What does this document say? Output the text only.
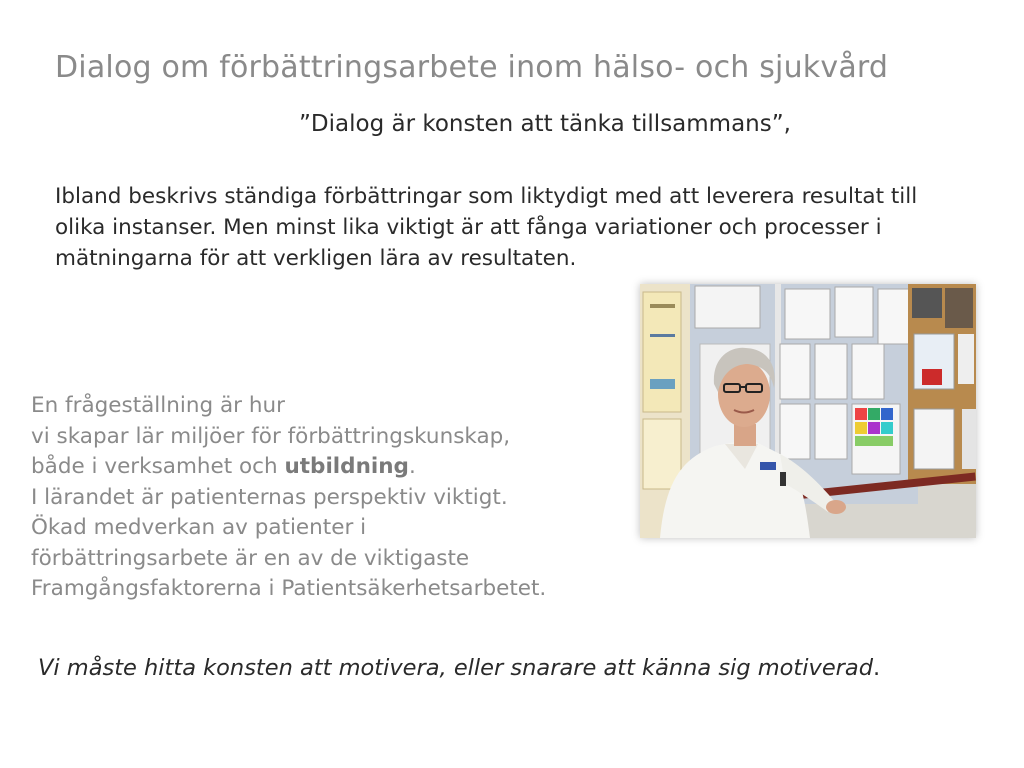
Dialog om förbättringsarbete inom hälso- och sjukvård
”Dialog är konsten att tänka tillsammans”,
Ibland beskrivs ständiga förbättringar som liktydigt med att leverera resultat till olika instanser. Men minst lika viktigt är att fånga variationer och processer i mätningarna för att verkligen lära av resultaten.
En frågeställning är hur
vi skapar lär miljöer för förbättringskunskap,
både i verksamhet och utbildning.
I lärandet är patienternas perspektiv viktigt.
Ökad medverkan av patienter i
förbättringsarbete är en av de viktigaste
Framgångsfaktorerna i Patientsäkerhetsarbetet.
Vi måste hitta konsten att motivera, eller snarare att känna sig motiverad.
